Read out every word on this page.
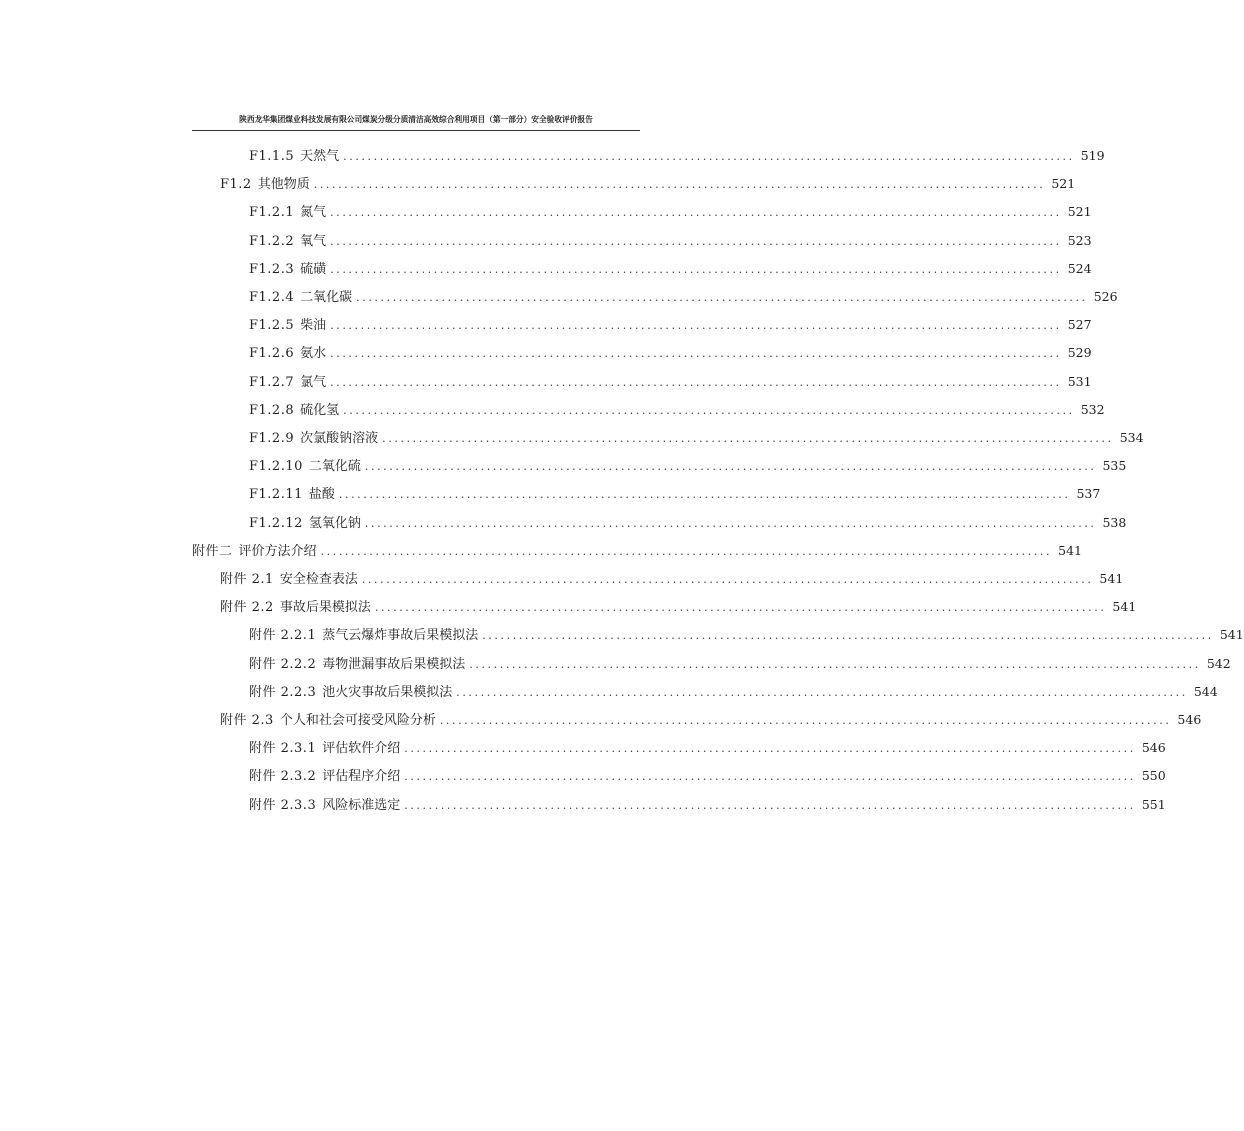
陕西龙华集团煤业科技发展有限公司煤炭分级分质清洁高效综合利用项目（第一部分）安全验收评价报告
F1.1.5 天然气 ........................................................................................................................ 519
F1.2 其他物质 ........................................................................................................................ 521
F1.2.1 氮气 ........................................................................................................................ 521
F1.2.2 氧气 ........................................................................................................................ 523
F1.2.3 硫磺 ........................................................................................................................ 524
F1.2.4 二氧化碳 ........................................................................................................................ 526
F1.2.5 柴油 ........................................................................................................................ 527
F1.2.6 氨水 ........................................................................................................................ 529
F1.2.7 氯气 ........................................................................................................................ 531
F1.2.8 硫化氢 ........................................................................................................................ 532
F1.2.9 次氯酸钠溶液 ........................................................................................................................ 534
F1.2.10 二氧化硫 ........................................................................................................................ 535
F1.2.11 盐酸 ........................................................................................................................ 537
F1.2.12 氢氧化钠 ........................................................................................................................ 538
附件二 评价方法介绍 ........................................................................................................................ 541
附件 2.1 安全检查表法 ........................................................................................................................ 541
附件 2.2 事故后果模拟法 ........................................................................................................................ 541
附件 2.2.1 蒸气云爆炸事故后果模拟法 ........................................................................................................................ 541
附件 2.2.2 毒物泄漏事故后果模拟法 ........................................................................................................................ 542
附件 2.2.3 池火灾事故后果模拟法 ........................................................................................................................ 544
附件 2.3 个人和社会可接受风险分析 ........................................................................................................................ 546
附件 2.3.1 评估软件介绍 ........................................................................................................................ 546
附件 2.3.2 评估程序介绍 ........................................................................................................................ 550
附件 2.3.3 风险标准选定 ........................................................................................................................ 551
